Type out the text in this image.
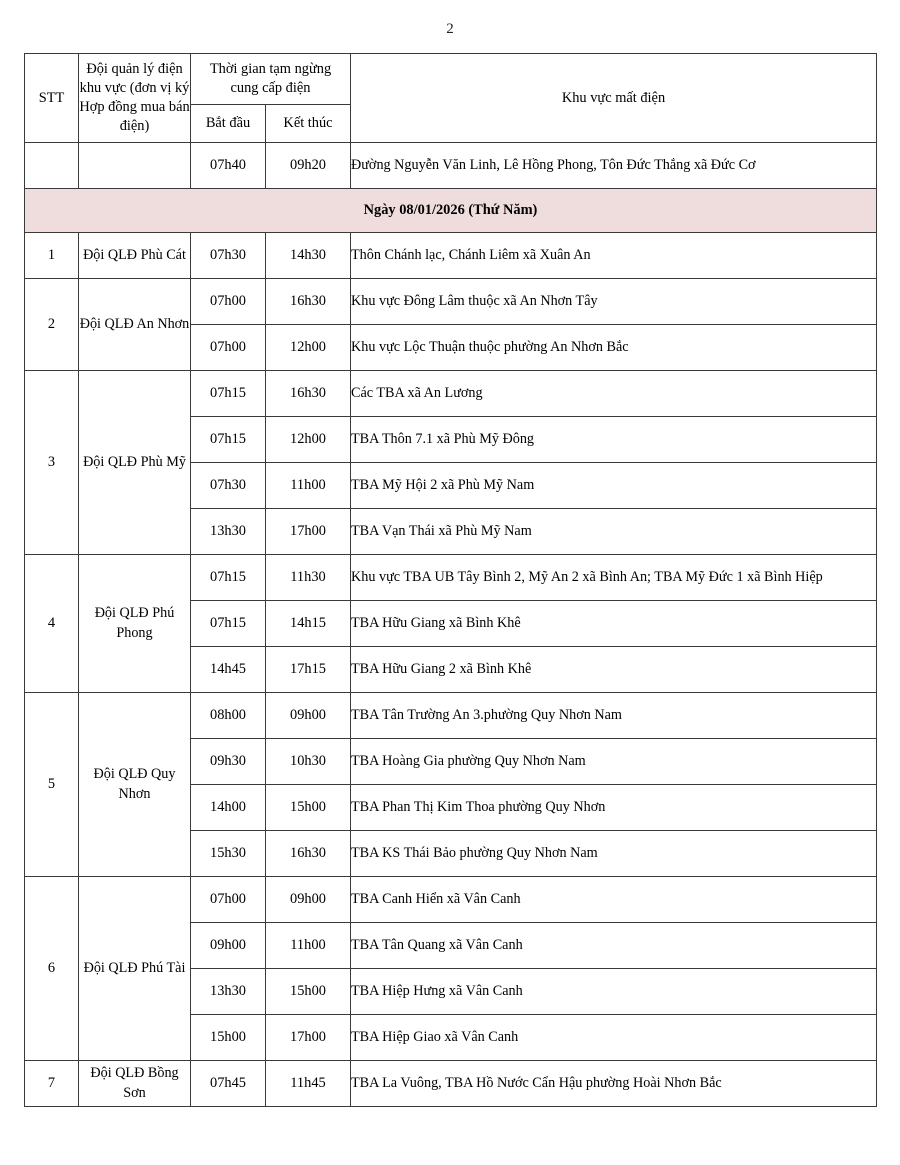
2
STT	Đội quản lý điện khu vực (đơn vị ký Hợp đồng mua bán điện)	Thời gian tạm ngừng cung cấp điện		Khu vực mất điện
		Bắt đầu	Kết thúc	
		07h40	09h20	Đường Nguyễn Văn Linh, Lê Hồng Phong, Tôn Đức Thắng xã Đức Cơ
Ngày 08/01/2026 (Thứ Năm)				
1	Đội QLĐ Phù Cát	07h30	14h30	Thôn Chánh lạc, Chánh Liêm xã Xuân An
2	Đội QLĐ An Nhơn	07h00	16h30	Khu vực Đông Lâm thuộc xã An Nhơn Tây
		07h00	12h00	Khu vực Lộc Thuận thuộc phường An Nhơn Bắc
3	Đội QLĐ Phù Mỹ	07h15	16h30	Các TBA xã An Lương
		07h15	12h00	TBA Thôn 7.1 xã Phù Mỹ Đông
		07h30	11h00	TBA Mỹ Hội 2 xã Phù Mỹ Nam
		13h30	17h00	TBA Vạn Thái xã Phù Mỹ Nam
4	Đội QLĐ Phú Phong	07h15	11h30	Khu vực TBA UB Tây Bình 2, Mỹ An 2 xã Bình An; TBA Mỹ Đức 1 xã Bình Hiệp
		07h15	14h15	TBA Hữu Giang xã Bình Khê
		14h45	17h15	TBA Hữu Giang 2 xã Bình Khê
5	Đội QLĐ Quy Nhơn	08h00	09h00	TBA Tân Trường An 3.phường Quy Nhơn Nam
		09h30	10h30	TBA Hoàng Gia phường Quy Nhơn Nam
		14h00	15h00	TBA Phan Thị Kim Thoa phường Quy Nhơn
		15h30	16h30	TBA KS Thái Bảo phường Quy Nhơn Nam
6	Đội QLĐ Phú Tài	07h00	09h00	TBA Canh Hiển xã Vân Canh
		09h00	11h00	TBA Tân Quang xã Vân Canh
		13h30	15h00	TBA Hiệp Hưng xã Vân Canh
		15h00	17h00	TBA Hiệp Giao xã Vân Canh
7	Đội QLĐ Bồng Sơn	07h45	11h45	TBA La Vuông, TBA Hồ Nước Cẩn Hậu phường Hoài Nhơn Bắc
